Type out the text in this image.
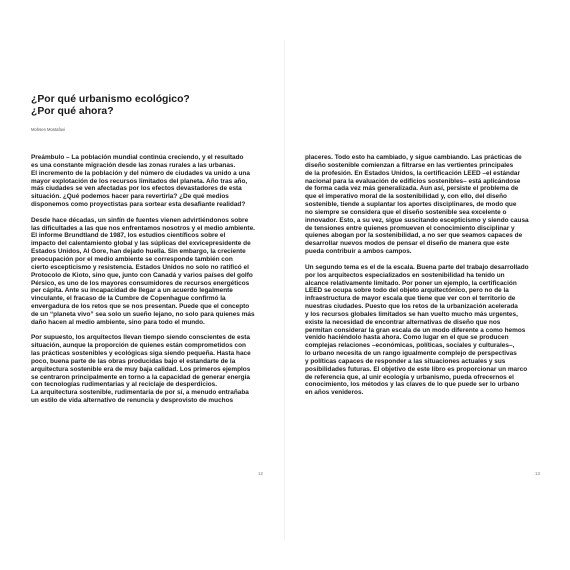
¿Por qué urbanismo ecológico?
¿Por qué ahora?
Mohsen Mostafavi

Preámbulo – La población mundial continúa creciendo, y el resultado
es una constante migración desde las zonas rurales a las urbanas.
El incremento de la población y del número de ciudades va unido a una
mayor explotación de los recursos limitados del planeta. Año tras año,
más ciudades se ven afectadas por los efectos devastadores de esta
situación. ¿Qué podemos hacer para revertirla? ¿De qué medios
disponemos como proyectistas para sortear esta desafiante realidad?

Desde hace décadas, un sinfín de fuentes vienen advirtiéndonos sobre
las dificultades a las que nos enfrentamos nosotros y el medio ambiente.
El informe Brundtland de 1987, los estudios científicos sobre el
impacto del calentamiento global y las súplicas del exvicepresidente de
Estados Unidos, Al Gore, han dejado huella. Sin embargo, la creciente
preocupación por el medio ambiente se corresponde también con
cierto escepticismo y resistencia. Estados Unidos no solo no ratificó el
Protocolo de Kioto, sino que, junto con Canadá y varios países del golfo
Pérsico, es uno de los mayores consumidores de recursos energéticos
per cápita. Ante su incapacidad de llegar a un acuerdo legalmente
vinculante, el fracaso de la Cumbre de Copenhague confirmó la
envergadura de los retos que se nos presentan. Puede que el concepto
de un “planeta vivo” sea solo un sueño lejano, no solo para quienes más
daño hacen al medio ambiente, sino para todo el mundo.

Por supuesto, los arquitectos llevan tiempo siendo conscientes de esta
situación, aunque la proporción de quienes están comprometidos con
las prácticas sostenibles y ecológicas siga siendo pequeña. Hasta hace
poco, buena parte de las obras producidas bajo el estandarte de la
arquitectura sostenible era de muy baja calidad. Los primeros ejemplos
se centraron principalmente en torno a la capacidad de generar energía
con tecnologías rudimentarias y al reciclaje de desperdicios.
La arquitectura sostenible, rudimentaria de por sí, a menudo entrañaba
un estilo de vida alternativo de renuncia y desprovisto de muchos

12

placeres. Todo esto ha cambiado, y sigue cambiando. Las prácticas de
diseño sostenible comienzan a filtrarse en las vertientes principales
de la profesión. En Estados Unidos, la certificación LEED –el estándar
nacional para la evaluación de edificios sostenibles– está aplicándose
de forma cada vez más generalizada. Aun así, persiste el problema de
que el imperativo moral de la sostenibilidad y, con ello, del diseño
sostenible, tiende a suplantar los aportes disciplinares, de modo que
no siempre se considera que el diseño sostenible sea excelente o
innovador. Esto, a su vez, sigue suscitando escepticismo y siendo causa
de tensiones entre quienes promueven el conocimiento disciplinar y
quienes abogan por la sostenibilidad, a no ser que seamos capaces de
desarrollar nuevos modos de pensar el diseño de manera que este
pueda contribuir a ambos campos.

Un segundo tema es el de la escala. Buena parte del trabajo desarrollado
por los arquitectos especializados en sostenibilidad ha tenido un
alcance relativamente limitado. Por poner un ejemplo, la certificación
LEED se ocupa sobre todo del objeto arquitectónico, pero no de la
infraestructura de mayor escala que tiene que ver con el territorio de
nuestras ciudades. Puesto que los retos de la urbanización acelerada
y los recursos globales limitados se han vuelto mucho más urgentes,
existe la necesidad de encontrar alternativas de diseño que nos
permitan considerar la gran escala de un modo diferente a como hemos
venido haciéndolo hasta ahora. Como lugar en el que se producen
complejas relaciones –económicas, políticas, sociales y culturales–,
lo urbano necesita de un rango igualmente complejo de perspectivas
y políticas capaces de responder a las situaciones actuales y sus
posibilidades futuras. El objetivo de este libro es proporcionar un marco
de referencia que, al unir ecología y urbanismo, pueda ofrecernos el
conocimiento, los métodos y las claves de lo que puede ser lo urbano
en años venideros.

13
